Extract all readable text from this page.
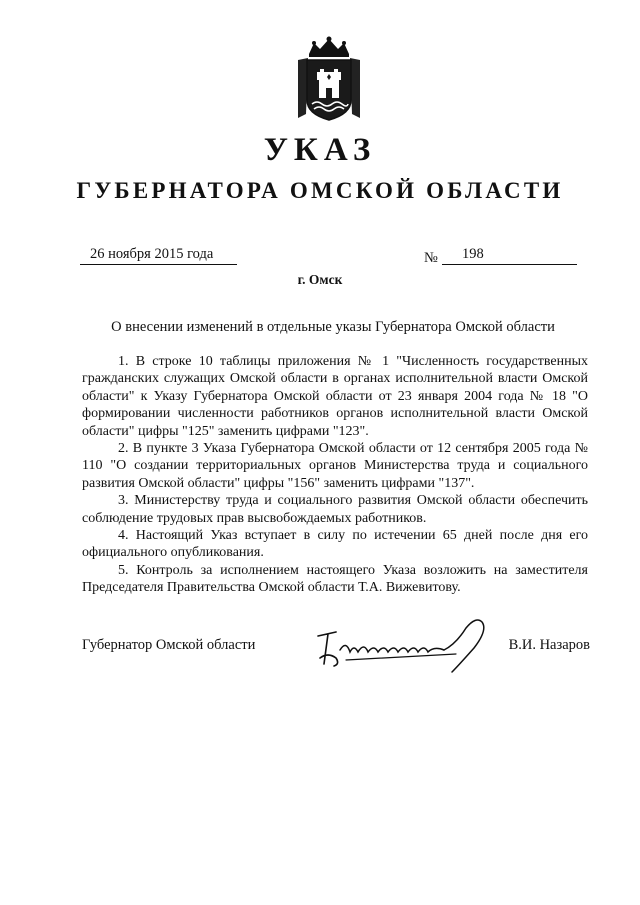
УКАЗ
ГУБЕРНАТОРА ОМСКОЙ ОБЛАСТИ
26 ноября 2015 года	№ 198
г. Омск
О внесении изменений в отдельные указы Губернатора Омской области

1. В строке 10 таблицы приложения № 1 "Численность государственных гражданских служащих Омской области в органах исполнительной власти Омской области" к Указу Губернатора Омской области от 23 января 2004 года № 18 "О формировании численности работников органов исполнительной власти Омской области" цифры "125" заменить цифрами "123".

2. В пункте 3 Указа Губернатора Омской области от 12 сентября 2005 года № 110 "О создании территориальных органов Министерства труда и социального развития Омской области" цифры "156" заменить цифрами "137".

3. Министерству труда и социального развития Омской области обеспечить соблюдение трудовых прав высвобождаемых работников.

4. Настоящий Указ вступает в силу по истечении 65 дней после дня его официального опубликования.

5. Контроль за исполнением настоящего Указа возложить на заместителя Председателя Правительства Омской области Т.А. Вижевитову.

Губернатор Омской области	В.И. Назаров
